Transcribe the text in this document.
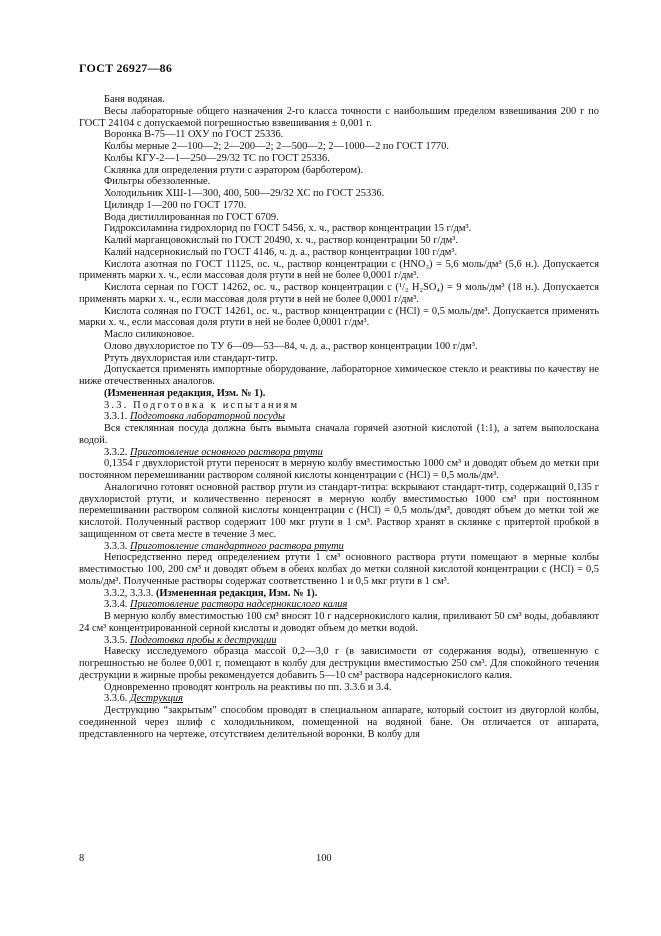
ГОСТ 26927—86

Баня водяная.

Весы лабораторные общего назначения 2-го класса точности с наибольшим пределом взвешивания 200 г по ГОСТ 24104 с допускаемой погрешностью взвешивания ± 0,001 г.

Воронка В-75—11 ОХУ по ГОСТ 25336.

Колбы мерные 2—100—2; 2—200—2; 2—500—2; 2—1000—2 по ГОСТ 1770.

Колбы КГУ-2—1—250—29/32 ТС по ГОСТ 25336.

Склянка для определения ртути с аэратором (барботером).

Фильтры обеззоленные.

Холодильник ХШ-1—300, 400, 500—29/32 ХС по ГОСТ 25336.

Цилиндр 1—200 по ГОСТ 1770.

Вода дистиллированная по ГОСТ 6709.

Гидроксиламина гидрохлорид по ГОСТ 5456, х. ч., раствор концентрации 15 г/дм³.

Калий марганцовокислый по ГОСТ 20490, х. ч., раствор концентрации 50 г/дм³.

Калий надсернокислый по ГОСТ 4146, ч. д. а., раствор концентрации 100 г/дм³.

Кислота азотная по ГОСТ 11125, ос. ч., раствор концентрации c (HNO₃) = 5,6 моль/дм³ (5,6 н.). Допускается применять марки х. ч., если массовая доля ртути в ней не более 0,0001 г/дм³.

Кислота серная по ГОСТ 14262, ос. ч., раствор концентрации c (¹/₂ H₂SO₄) = 9 моль/дм³ (18 н.). Допускается применять марки х. ч., если массовая доля ртути в ней не более 0,0001 г/дм³.

Кислота соляная по ГОСТ 14261, ос. ч., раствор концентрации c (HCl) = 0,5 моль/дм³. Допускается применять марки х. ч., если массовая доля ртути в ней не более 0,0001 г/дм³.

Масло силиконовое.

Олово двухлористое по ТУ 6—09—53—84, ч. д. а., раствор концентрации 100 г/дм³.

Ртуть двухлористая или стандарт-титр.

Допускается применять импортные оборудование, лабораторное химическое стекло и реактивы по качеству не ниже отечественных аналогов.

(Измененная редакция, Изм. № 1).

3.3. Подготовка к испытаниям

3.3.1. Подготовка лабораторной посуды

Вся стеклянная посуда должна быть вымыта сначала горячей азотной кислотой (1:1), а затем выполоскана водой.

3.3.2. Приготовление основного раствора ртути

0,1354 г двухлористой ртути переносят в мерную колбу вместимостью 1000 см³ и доводят объем до метки при постоянном перемешивании раствором соляной кислоты концентрации c (HCl) = 0,5 моль/дм³.

Аналогично готовят основной раствор ртути из стандарт-титра: вскрывают стандарт-титр, содержащий 0,135 г двухлористой ртути, и количественно переносят в мерную колбу вместимостью 1000 см³ при постоянном перемешивании раствором соляной кислоты концентрации c (HCl) = 0,5 моль/дм³, доводят объем до метки той же кислотой. Полученный раствор содержит 100 мкг ртути в 1 см³. Раствор хранят в склянке с притертой пробкой в защищенном от света месте в течение 3 мес.

3.3.3. Приготовление стандартного раствора ртути

Непосредственно перед определением ртути 1 см³ основного раствора ртути помещают в мерные колбы вместимостью 100, 200 см³ и доводят объем в обеих колбах до метки соляной кислотой концентрации c (HCl) = 0,5 моль/дм³. Полученные растворы содержат соответственно 1 и 0,5 мкг ртути в 1 см³.

3.3.2, 3.3.3. (Измененная редакция, Изм. № 1).

3.3.4. Приготовление раствора надсернокислого калия

В мерную колбу вместимостью 100 см³ вносят 10 г надсернокислого калия, приливают 50 см³ воды, добавляют 24 см³ концентрированной серной кислоты и доводят объем до метки водой.

3.3.5. Подготовка пробы к деструкции

Навеску исследуемого образца массой 0,2—3,0 г (в зависимости от содержания воды), отвешенную с погрешностью не более 0,001 г, помещают в колбу для деструкции вместимостью 250 см³. Для спокойного течения деструкции в жирные пробы рекомендуется добавить 5—10 см³ раствора надсернокислого калия.

Одновременно проводят контроль на реактивы по пп. 3.3.6 и 3.4.

3.3.6. Деструкция

Деструкцию “закрытым” способом проводят в специальном аппарате, который состоит из двугорлой колбы, соединенной через шлиф с холодильником, помещенной на водяной бане. Он отличается от аппарата, представленного на чертеже, отсутствием делительной воронки. В колбу для

8	100
